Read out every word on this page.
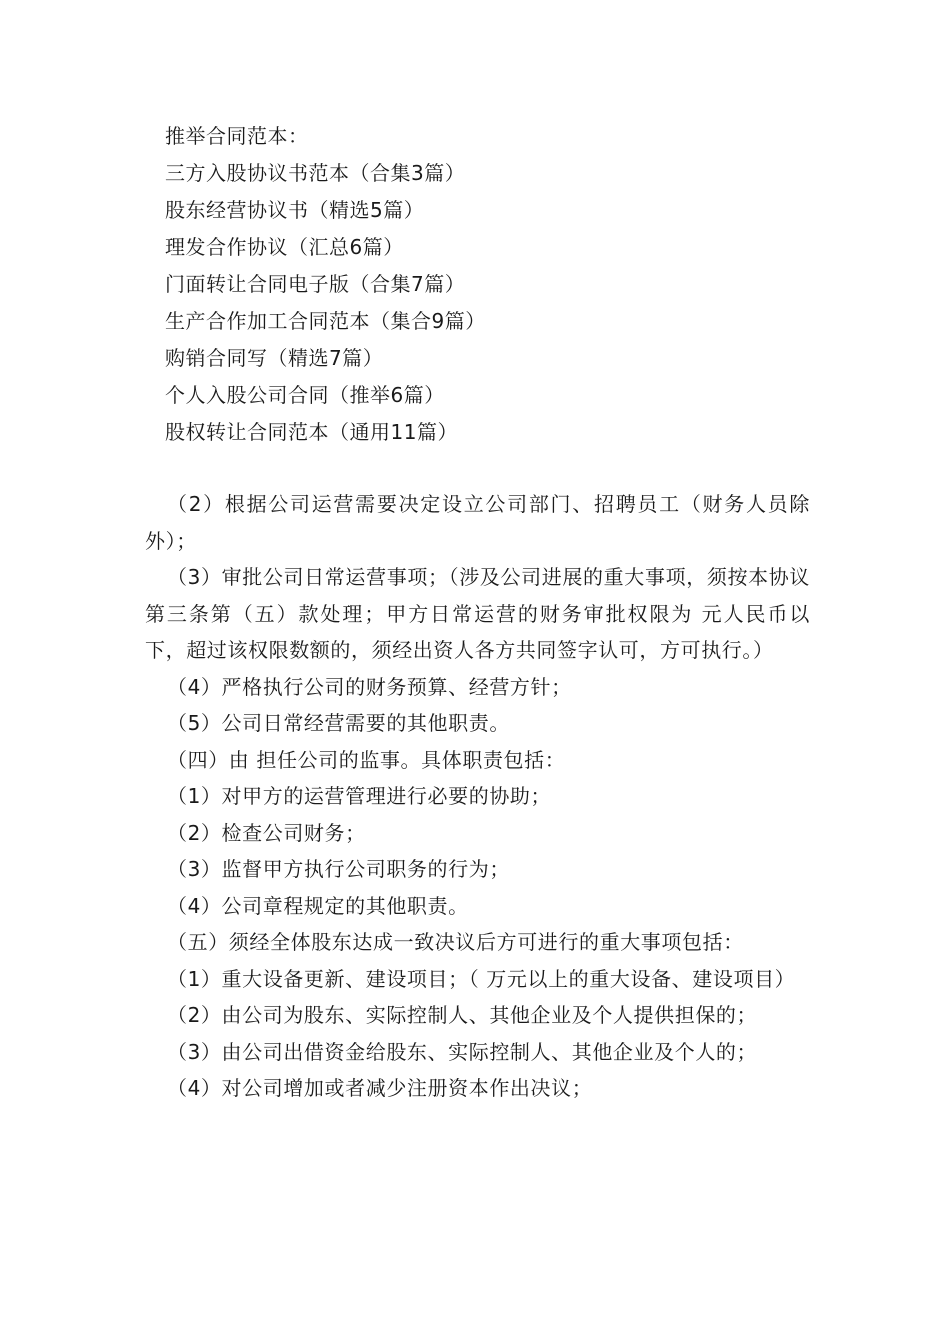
推举合同范本：
三方入股协议书范本（合集3篇）
股东经营协议书（精选5篇）
理发合作协议（汇总6篇）
门面转让合同电子版（合集7篇）
生产合作加工合同范本（集合9篇）
购销合同写（精选7篇）
个人入股公司合同（推举6篇）
股权转让合同范本（通用11篇）

（2）根据公司运营需要决定设立公司部门、招聘员工（财务人员除外）；

（3）审批公司日常运营事项；（涉及公司进展的重大事项，须按本协议第三条第（五）款处理；甲方日常运营的财务审批权限为 元人民币以下，超过该权限数额的，须经出资人各方共同签字认可，方可执行。）

（4）严格执行公司的财务预算、经营方针；

（5）公司日常经营需要的其他职责。

（四）由 担任公司的监事。具体职责包括：

（1）对甲方的运营管理进行必要的协助；

（2）检查公司财务；

（3）监督甲方执行公司职务的行为；

（4）公司章程规定的其他职责。

（五）须经全体股东达成一致决议后方可进行的重大事项包括：

（1）重大设备更新、建设项目；（ 万元以上的重大设备、建设项目）

（2）由公司为股东、实际控制人、其他企业及个人提供担保的；

（3）由公司出借资金给股东、实际控制人、其他企业及个人的；

（4）对公司增加或者减少注册资本作出决议；
